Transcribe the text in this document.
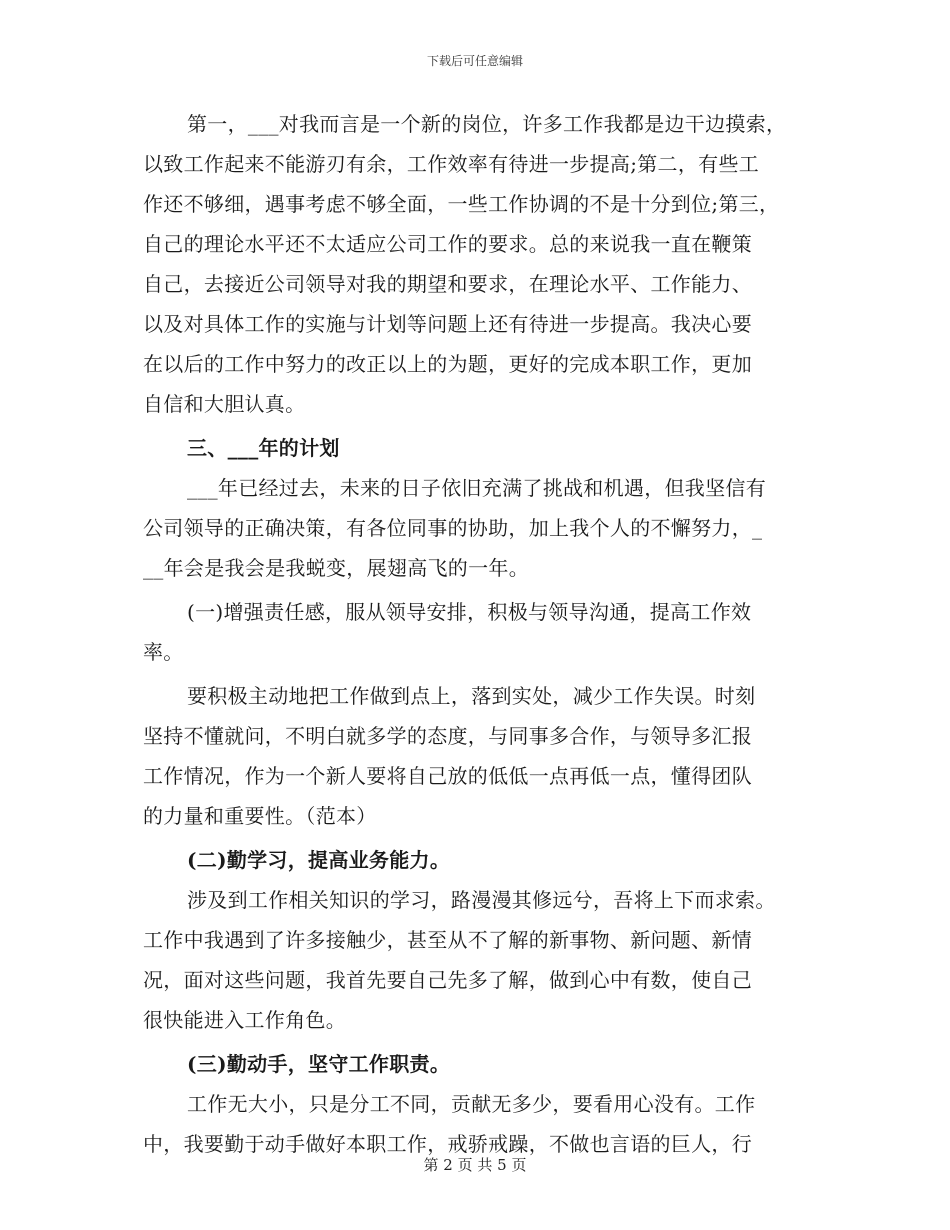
下载后可任意编辑
第一，___对我而言是一个新的岗位，许多工作我都是边干边摸索，
以致工作起来不能游刃有余，工作效率有待进一步提高;第二，有些工
作还不够细，遇事考虑不够全面，一些工作协调的不是十分到位;第三，
自己的理论水平还不太适应公司工作的要求。总的来说我一直在鞭策
自己，去接近公司领导对我的期望和要求，在理论水平、工作能力、
以及对具体工作的实施与计划等问题上还有待进一步提高。我决心要
在以后的工作中努力的改正以上的为题，更好的完成本职工作，更加
自信和大胆认真。
三、___年的计划
___年已经过去，未来的日子依旧充满了挑战和机遇，但我坚信有
公司领导的正确决策，有各位同事的协助，加上我个人的不懈努力，_
__年会是我会是我蜕变，展翅高飞的一年。
(一)增强责任感，服从领导安排，积极与领导沟通，提高工作效
率。
要积极主动地把工作做到点上，落到实处，减少工作失误。时刻
坚持不懂就问，不明白就多学的态度，与同事多合作，与领导多汇报
工作情况，作为一个新人要将自己放的低低一点再低一点，懂得团队
的力量和重要性。（范本）
(二)勤学习，提高业务能力。
涉及到工作相关知识的学习，路漫漫其修远兮，吾将上下而求索。
工作中我遇到了许多接触少，甚至从不了解的新事物、新问题、新情
况，面对这些问题，我首先要自己先多了解，做到心中有数，使自己
很快能进入工作角色。
(三)勤动手，坚守工作职责。
工作无大小，只是分工不同，贡献无多少，要看用心没有。工作
中，我要勤于动手做好本职工作，戒骄戒躁，不做也言语的巨人，行
第 2 页 共 5 页
